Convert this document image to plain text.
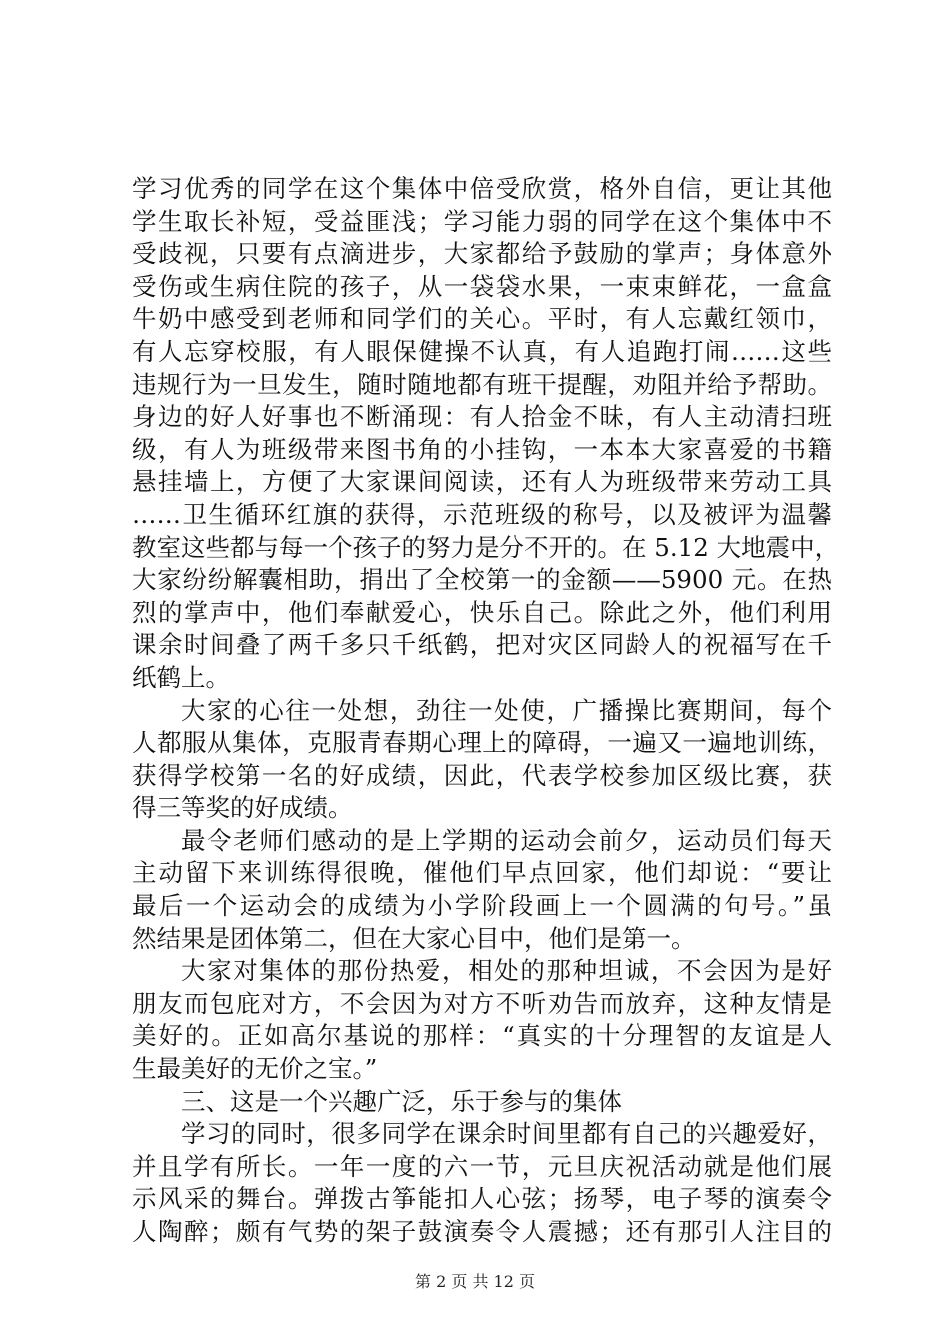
学习优秀的同学在这个集体中倍受欣赏，格外自信，更让其他
学生取长补短，受益匪浅；学习能力弱的同学在这个集体中不
受歧视，只要有点滴进步，大家都给予鼓励的掌声；身体意外
受伤或生病住院的孩子，从一袋袋水果，一束束鲜花，一盒盒
牛奶中感受到老师和同学们的关心。平时，有人忘戴红领巾，
有人忘穿校服，有人眼保健操不认真，有人追跑打闹……这些
违规行为一旦发生，随时随地都有班干提醒，劝阻并给予帮助。
身边的好人好事也不断涌现：有人拾金不昧，有人主动清扫班
级，有人为班级带来图书角的小挂钩，一本本大家喜爱的书籍
悬挂墙上，方便了大家课间阅读，还有人为班级带来劳动工具
……卫生循环红旗的获得，示范班级的称号，以及被评为温馨
教室这些都与每一个孩子的努力是分不开的。在 5.12 大地震中，
大家纷纷解囊相助，捐出了全校第一的金额——5900 元。在热
烈的掌声中，他们奉献爱心，快乐自己。除此之外，他们利用
课余时间叠了两千多只千纸鹤，把对灾区同龄人的祝福写在千
纸鹤上。
大家的心往一处想，劲往一处使，广播操比赛期间，每个
人都服从集体，克服青春期心理上的障碍，一遍又一遍地训练，
获得学校第一名的好成绩，因此，代表学校参加区级比赛，获
得三等奖的好成绩。
最令老师们感动的是上学期的运动会前夕，运动员们每天
主动留下来训练得很晚，催他们早点回家，他们却说：“要让
最后一个运动会的成绩为小学阶段画上一个圆满的句号。”虽
然结果是团体第二，但在大家心目中，他们是第一。
大家对集体的那份热爱，相处的那种坦诚，不会因为是好
朋友而包庇对方，不会因为对方不听劝告而放弃，这种友情是
美好的。正如高尔基说的那样：“真实的十分理智的友谊是人
生最美好的无价之宝。”
三、这是一个兴趣广泛，乐于参与的集体
学习的同时，很多同学在课余时间里都有自己的兴趣爱好，
并且学有所长。一年一度的六一节，元旦庆祝活动就是他们展
示风采的舞台。弹拨古筝能扣人心弦；扬琴，电子琴的演奏令
人陶醉；颇有气势的架子鼓演奏令人震撼；还有那引人注目的
第 2 页 共 12 页
